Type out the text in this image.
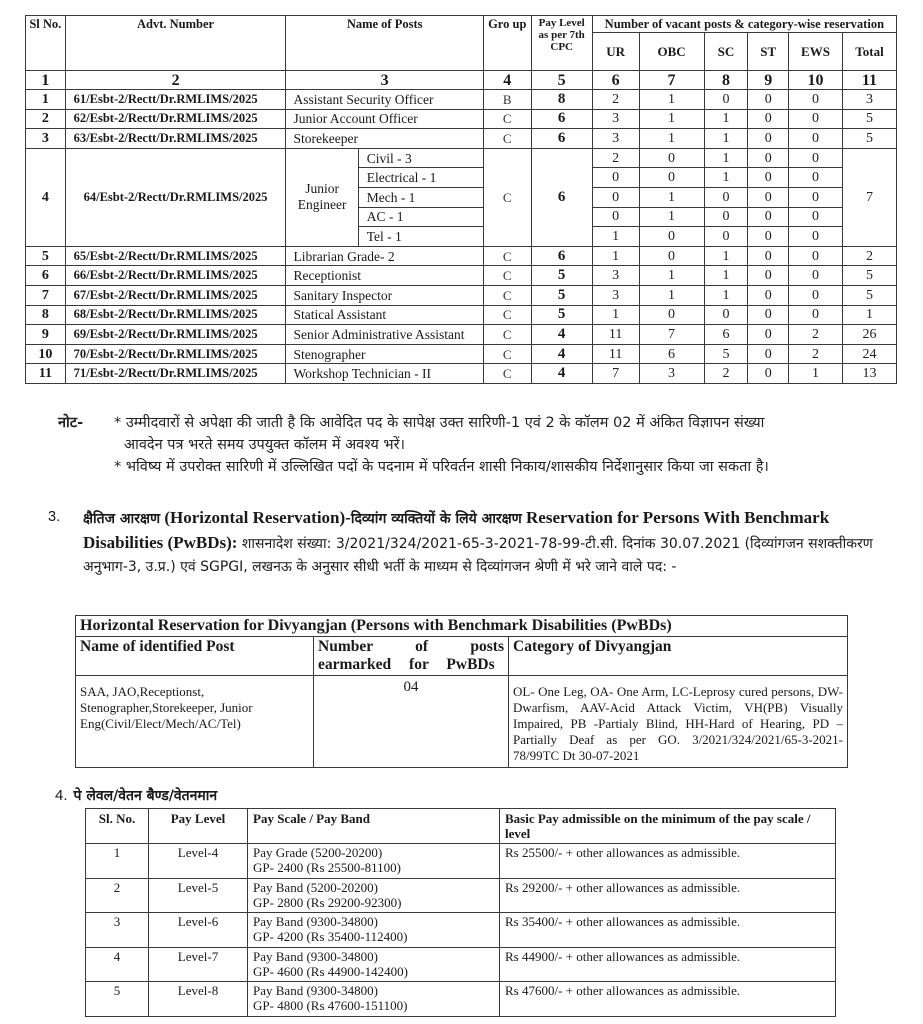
Sl No.	Advt. Number	Name of Posts		Gro up	Pay Level as per 7th CPC	Number of vacant posts & category-wise reservation					
						UR	OBC	SC	ST	EWS	Total
1	2	3		4	5	6	7	8	9	10	11
1	61/Esbt-2/Rectt/Dr.RMLIMS/2025	Assistant Security Officer		B	8	2	1	0	0	0	3
2	62/Esbt-2/Rectt/Dr.RMLIMS/2025	Junior Account Officer		C	6	3	1	1	0	0	5
3	63/Esbt-2/Rectt/Dr.RMLIMS/2025	Storekeeper		C	6	3	1	1	0	0	5
4	64/Esbt-2/Rectt/Dr.RMLIMS/2025	Junior Engineer	Civil - 3	C	6	2	0	1	0	0	7
			Electrical - 1			0	0	1	0	0	
			Mech - 1			0	1	0	0	0	
			AC - 1			0	1	0	0	0	
			Tel - 1			1	0	0	0	0	
5	65/Esbt-2/Rectt/Dr.RMLIMS/2025	Librarian Grade- 2		C	6	1	0	1	0	0	2
6	66/Esbt-2/Rectt/Dr.RMLIMS/2025	Receptionist		C	5	3	1	1	0	0	5
7	67/Esbt-2/Rectt/Dr.RMLIMS/2025	Sanitary Inspector		C	5	3	1	1	0	0	5
8	68/Esbt-2/Rectt/Dr.RMLIMS/2025	Statical Assistant		C	5	1	0	0	0	0	1
9	69/Esbt-2/Rectt/Dr.RMLIMS/2025	Senior Administrative Assistant		C	4	11	7	6	0	2	26
10	70/Esbt-2/Rectt/Dr.RMLIMS/2025	Stenographer		C	4	11	6	5	0	2	24
11	71/Esbt-2/Rectt/Dr.RMLIMS/2025	Workshop Technician - II		C	4	7	3	2	0	1	13
नोट- * उम्मीदवारों से अपेक्षा की जाती है कि आवेदित पद के सापेक्ष उक्त सारिणी-1 एवं 2 के कॉलम 02 में अंकित विज्ञापन संख्या
आवदेन पत्र भरते समय उपयुक्त कॉलम में अवश्य भरें।
* भविष्य में उपरोक्त सारिणी में उल्लिखित पदों के पदनाम में परिवर्तन शासी निकाय/शासकीय निर्देशानुसार किया जा सकता है।
3. क्षैतिज आरक्षण (Horizontal Reservation)-दिव्यांग व्यक्तियों के लिये आरक्षण Reservation for Persons With Benchmark Disabilities (PwBDs): शासनादेश संख्या: 3/2021/324/2021-65-3-2021-78-99-टी.सी. दिनांक 30.07.2021 (दिव्यांगजन सशक्तीकरण अनुभाग-3, उ.प्र.) एवं SGPGI, लखनऊ के अनुसार सीधी भर्ती के माध्यम से दिव्यांगजन श्रेणी में भरे जाने वाले पद: -
Horizontal Reservation for Divyangjan (Persons with Benchmark Disabilities (PwBDs)		
Name of identified Post	Number of posts earmarked for PwBDs	Category of Divyangjan
SAA, JAO,Receptionst, Stenographer,Storekeeper, Junior Eng(Civil/Elect/Mech/AC/Tel)	04	OL- One Leg, OA- One Arm, LC-Leprosy cured persons, DW- Dwarfism, AAV-Acid Attack Victim, VH(PB) Visually Impaired, PB -Partialy Blind, HH-Hard of Hearing, PD –Partially Deaf as per GO. 3/2021/324/2021/65-3-2021-78/99TC Dt 30-07-2021
4. पे लेवल/वेतन बैण्ड/वेतनमान
Sl. No.	Pay Level	Pay Scale / Pay Band	Basic Pay admissible on the minimum of the pay scale / level
1	Level-4	Pay Grade (5200-20200)
GP- 2400 (Rs 25500-81100)	Rs 25500/- + other allowances as admissible.
2	Level-5	Pay Band (5200-20200)
GP- 2800 (Rs 29200-92300)	Rs 29200/- + other allowances as admissible.
3	Level-6	Pay Band (9300-34800)
GP- 4200 (Rs 35400-112400)	Rs 35400/- + other allowances as admissible.
4	Level-7	Pay Band (9300-34800)
GP- 4600 (Rs 44900-142400)	Rs 44900/- + other allowances as admissible.
5	Level-8	Pay Band (9300-34800)
GP- 4800 (Rs 47600-151100)	Rs 47600/- + other allowances as admissible.
